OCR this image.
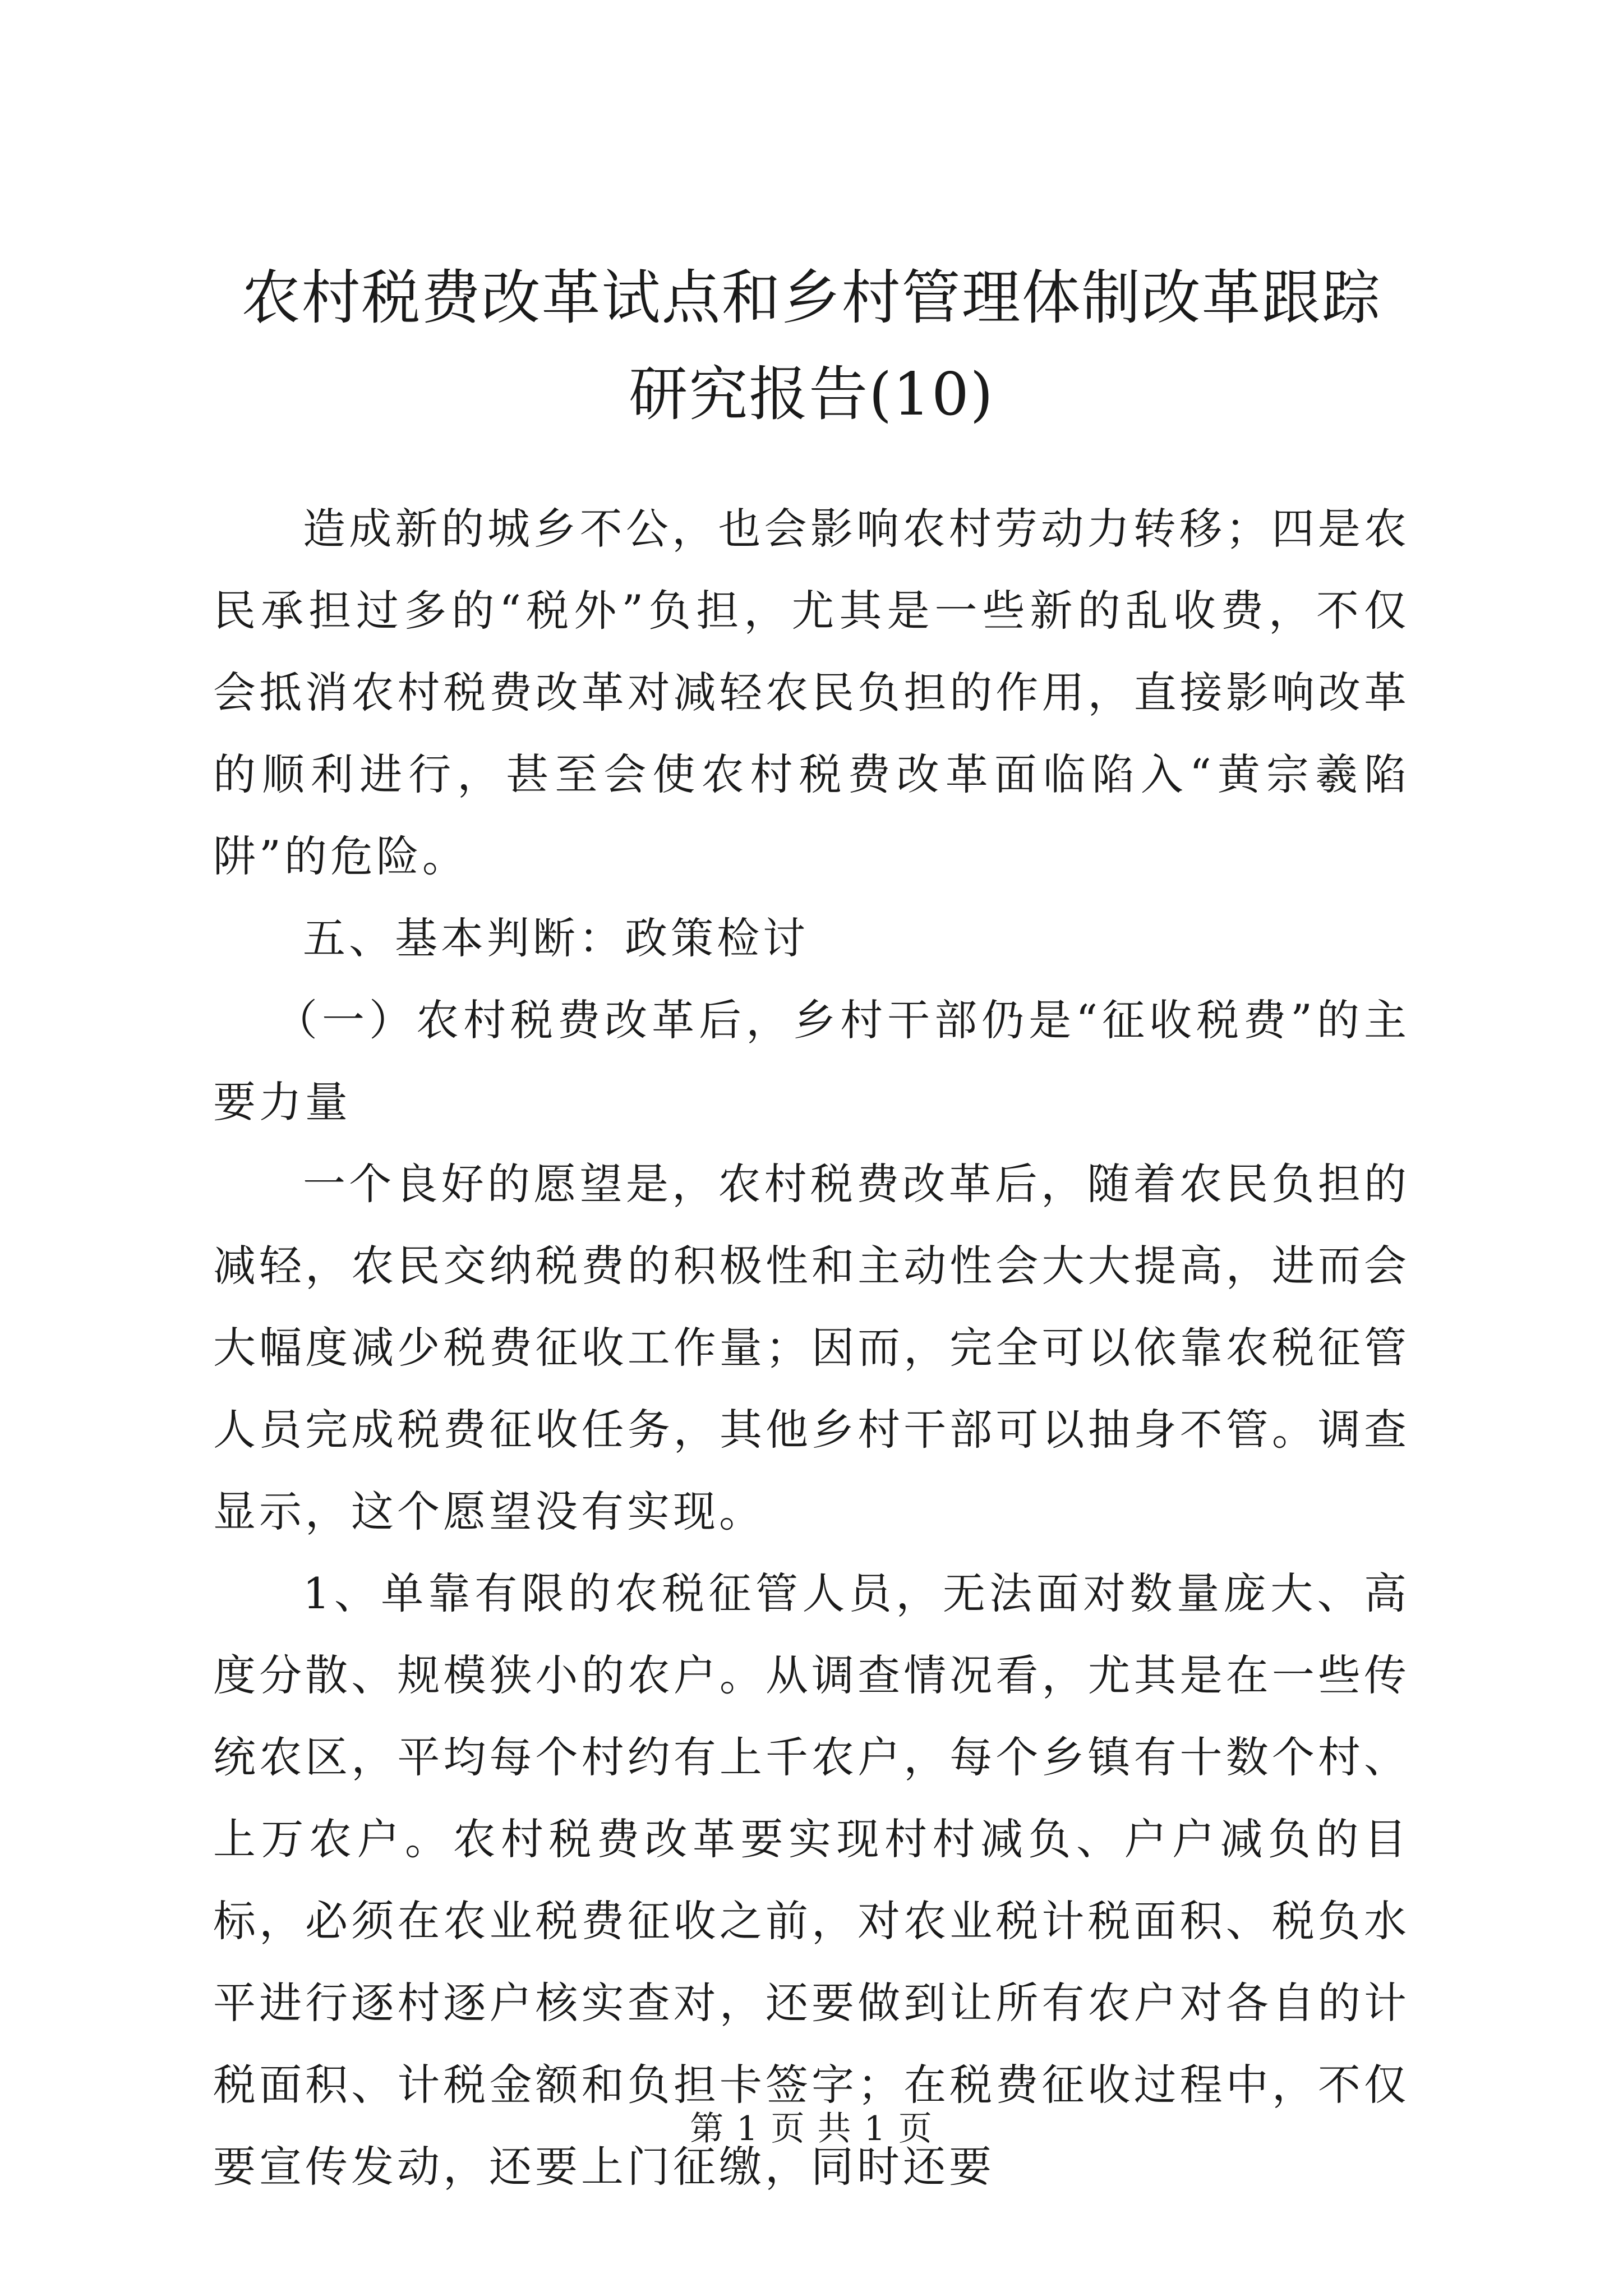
农村税费改革试点和乡村管理体制改革跟踪研究报告(10)

造成新的城乡不公，也会影响农村劳动力转移；四是农民承担过多的“税外”负担，尤其是一些新的乱收费，不仅会抵消农村税费改革对减轻农民负担的作用，直接影响改革的顺利进行，甚至会使农村税费改革面临陷入“黄宗羲陷阱”的危险。

五、基本判断：政策检讨

（一）农村税费改革后，乡村干部仍是“征收税费”的主要力量

一个良好的愿望是，农村税费改革后，随着农民负担的减轻，农民交纳税费的积极性和主动性会大大提高，进而会大幅度减少税费征收工作量；因而，完全可以依靠农税征管人员完成税费征收任务，其他乡村干部可以抽身不管。调查显示，这个愿望没有实现。

1、单靠有限的农税征管人员，无法面对数量庞大、高度分散、规模狭小的农户。从调查情况看，尤其是在一些传统农区，平均每个村约有上千农户，每个乡镇有十数个村、上万农户。农村税费改革要实现村村减负、户户减负的目标，必须在农业税费征收之前，对农业税计税面积、税负水平进行逐村逐户核实查对，还要做到让所有农户对各自的计税面积、计税金额和负担卡签字；在税费征收过程中，不仅要宣传发动，还要上门征缴，同时还要

第 1 页 共 1 页
